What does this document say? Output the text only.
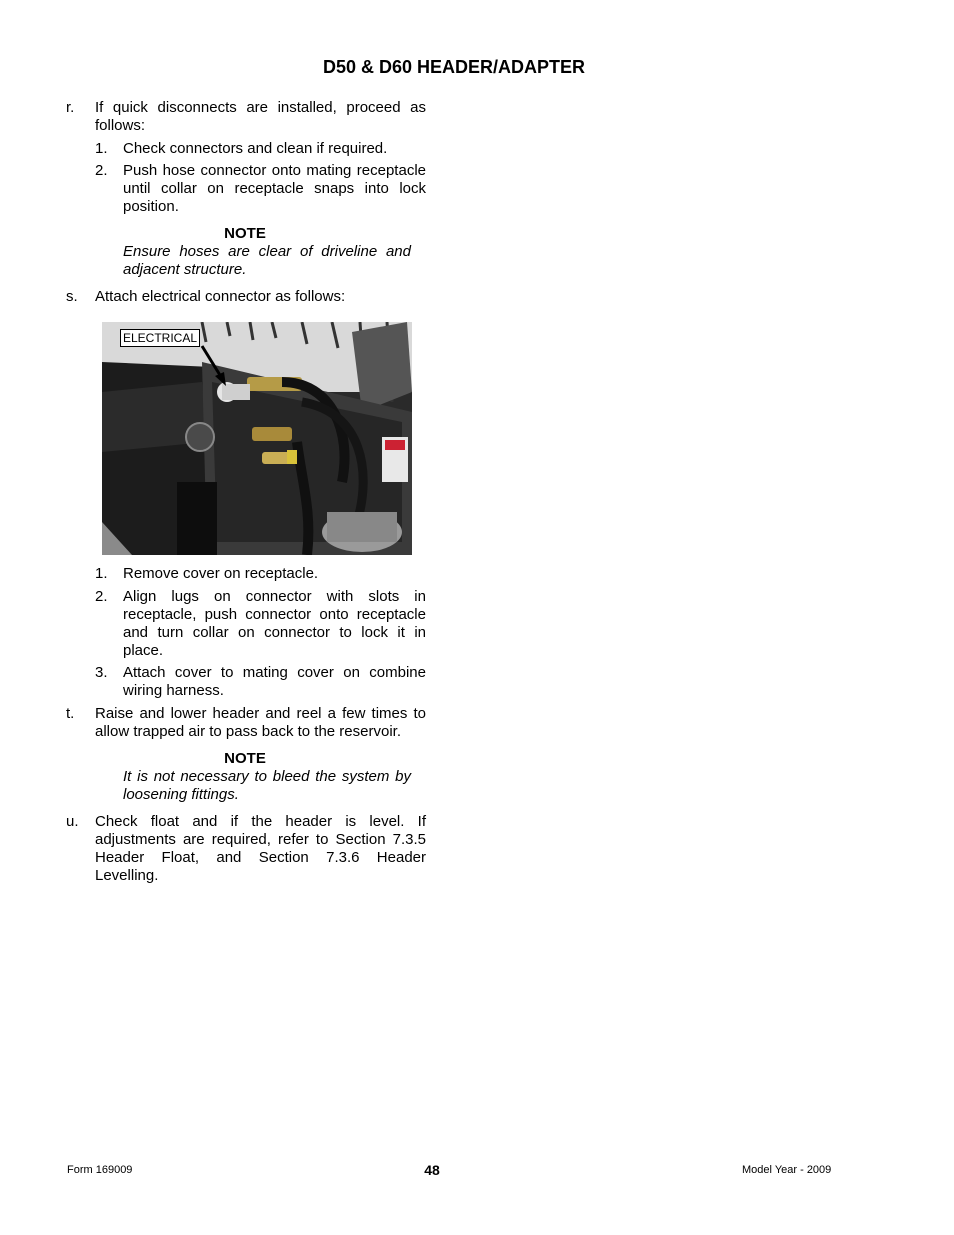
D50 & D60 HEADER/ADAPTER
r. If quick disconnects are installed, proceed as follows:
1. Check connectors and clean if required.
2. Push hose connector onto mating receptacle until collar on receptacle snaps into lock position.
NOTE
Ensure hoses are clear of driveline and adjacent structure.
s. Attach electrical connector as follows:
ELECTRICAL
1. Remove cover on receptacle.
2. Align lugs on connector with slots in receptacle, push connector onto receptacle and turn collar on connector to lock it in place.
3. Attach cover to mating cover on combine wiring harness.
t. Raise and lower header and reel a few times to allow trapped air to pass back to the reservoir.
NOTE
It is not necessary to bleed the system by loosening fittings.
u. Check float and if the header is level. If adjustments are required, refer to Section 7.3.5 Header Float, and Section 7.3.6 Header Levelling.
Form 169009	48	Model Year - 2009
